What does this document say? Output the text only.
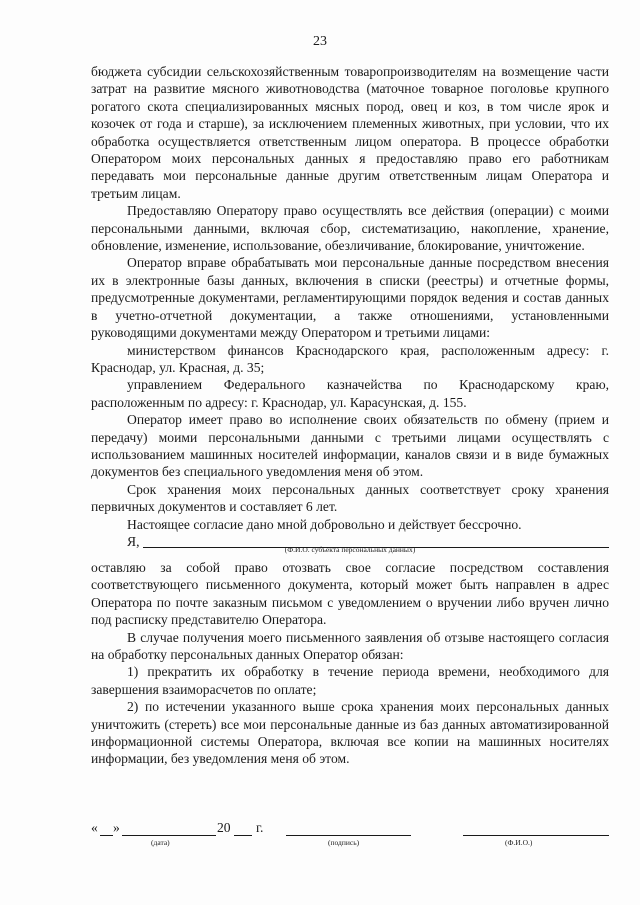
23

бюджета субсидии сельскохозяйственным товаропроизводителям на возмещение части затрат на развитие мясного животноводства (маточное товарное поголовье крупного рогатого скота специализированных мясных пород, овец и коз, в том числе ярок и козочек от года и старше), за исключением племенных животных, при условии, что их обработка осуществляется ответственным лицом оператора. В процессе обработки Оператором моих персональных данных я предоставляю право его работникам передавать мои персональные данные другим ответственным лицам Оператора и третьим лицам.

Предоставляю Оператору право осуществлять все действия (операции) с моими персональными данными, включая сбор, систематизацию, накопление, хранение, обновление, изменение, использование, обезличивание, блокирование, уничтожение.

Оператор вправе обрабатывать мои персональные данные посредством внесения их в электронные базы данных, включения в списки (реестры) и отчетные формы, предусмотренные документами, регламентирующими порядок ведения и состав данных в учетно-отчетной документации, а также отношениями, установленными руководящими документами между Оператором и третьими лицами:

министерством финансов Краснодарского края, расположенным адресу: г. Краснодар, ул. Красная, д. 35;

управлением Федерального казначейства по Краснодарскому краю, расположенным по адресу: г. Краснодар, ул. Карасунская, д. 155.

Оператор имеет право во исполнение своих обязательств по обмену (прием и передачу) моими персональными данными с третьими лицами осуществлять с использованием машинных носителей информации, каналов связи и в виде бумажных документов без специального уведомления меня об этом.

Срок хранения моих персональных данных соответствует сроку хранения первичных документов и составляет 6 лет.

Настоящее согласие дано мной добровольно и действует бессрочно.

Я,
(Ф.И.О. субъекта персональных данных)

оставляю за собой право отозвать свое согласие посредством составления соответствующего письменного документа, который может быть направлен в адрес Оператора по почте заказным письмом с уведомлением о вручении либо вручен лично под расписку представителю Оператора.

В случае получения моего письменного заявления об отзыве настоящего согласия на обработку персональных данных Оператор обязан:

1) прекратить их обработку в течение периода времени, необходимого для завершения взаиморасчетов по оплате;

2) по истечении указанного выше срока хранения моих персональных данных уничтожить (стереть) все мои персональные данные из баз данных автоматизированной информационной системы Оператора, включая все копии на машинных носителях информации, без уведомления меня об этом.

« »	20 г.
(дата)	(подпись)	(Ф.И.О.)
